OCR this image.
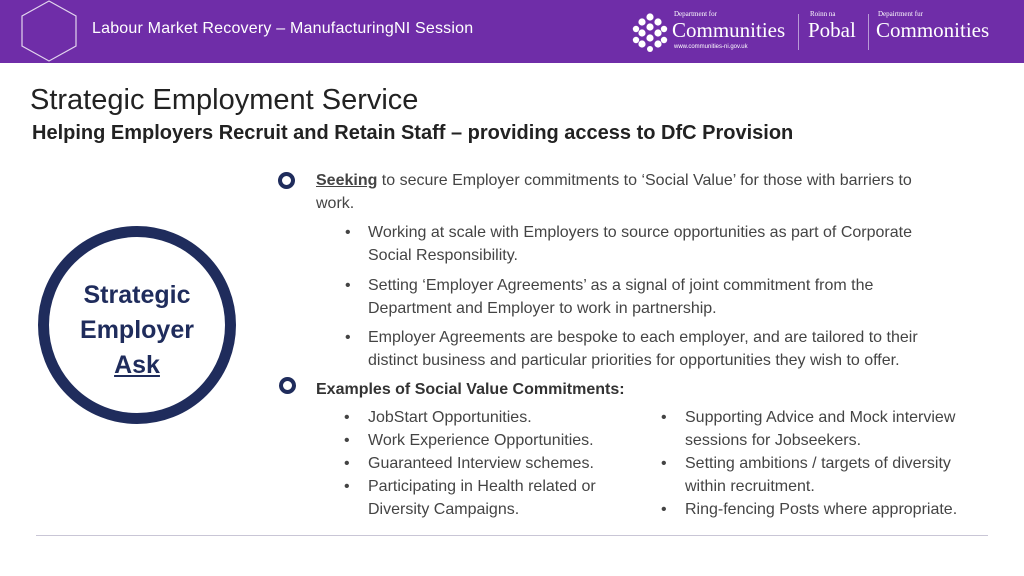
Labour Market Recovery – ManufacturingNI Session
Department for
Communities
www.communities-ni.gov.uk
Roinn na
Pobal
Depairtment fur
Commonities
Strategic Employment Service
Helping Employers Recruit and Retain Staff – providing access to DfC Provision
Strategic
Employer
Ask
Seeking to secure Employer commitments to ‘Social Value’ for those with barriers to
work.
• Working at scale with Employers to source opportunities as part of Corporate
Social Responsibility.
• Setting ‘Employer Agreements’ as a signal of joint commitment from the
Department and Employer to work in partnership.
• Employer Agreements are bespoke to each employer, and are tailored to their
distinct business and particular priorities for opportunities they wish to offer.
Examples of Social Value Commitments:
• JobStart Opportunities.
• Work Experience Opportunities.
• Guaranteed Interview schemes.
• Participating in Health related or
Diversity Campaigns.
• Supporting Advice and Mock interview
sessions for Jobseekers.
• Setting ambitions / targets of diversity
within recruitment.
• Ring-fencing Posts where appropriate.
